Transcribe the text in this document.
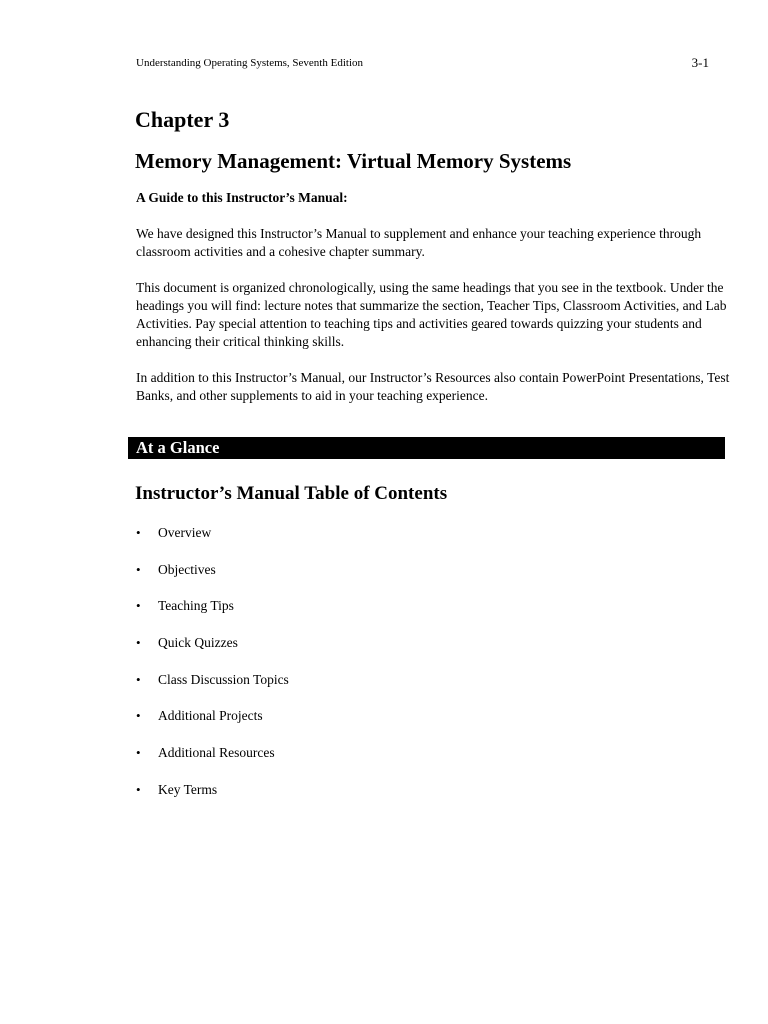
Understanding Operating Systems, Seventh Edition	3-1
Chapter 3
Memory Management: Virtual Memory Systems
A Guide to this Instructor’s Manual:

We have designed this Instructor’s Manual to supplement and enhance your teaching experience through classroom activities and a cohesive chapter summary.

This document is organized chronologically, using the same headings that you see in the textbook. Under the headings you will find: lecture notes that summarize the section, Teacher Tips, Classroom Activities, and Lab Activities. Pay special attention to teaching tips and activities geared towards quizzing your students and enhancing their critical thinking skills.

In addition to this Instructor’s Manual, our Instructor’s Resources also contain PowerPoint Presentations, Test Banks, and other supplements to aid in your teaching experience.

At a Glance
Instructor’s Manual Table of Contents
• Overview
• Objectives
• Teaching Tips
• Quick Quizzes
• Class Discussion Topics
• Additional Projects
• Additional Resources
• Key Terms
